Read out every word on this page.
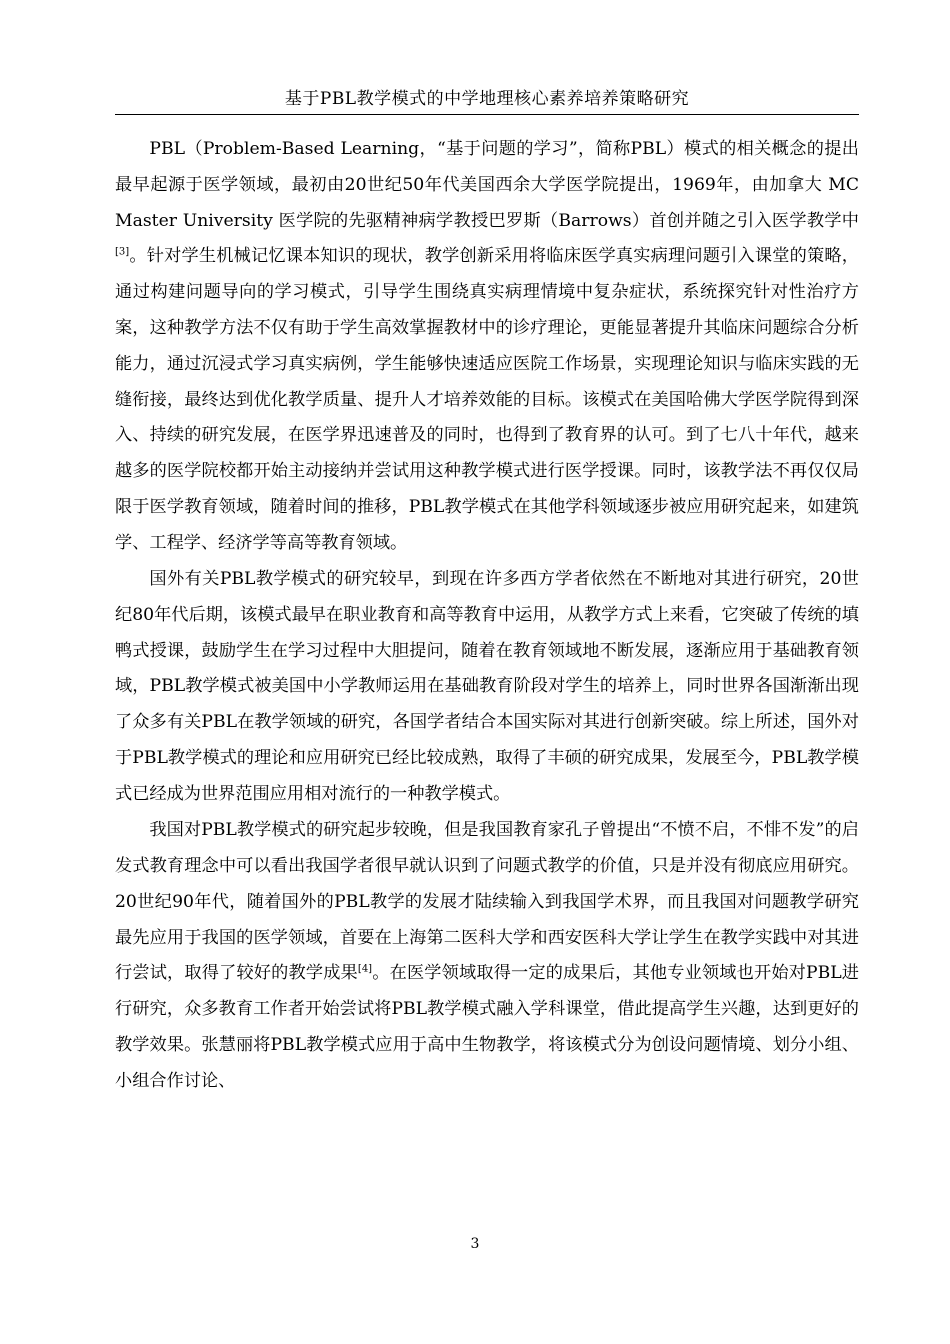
基于PBL教学模式的中学地理核心素养培养策略研究

PBL（Problem-Based Learning，“基于问题的学习”，简称PBL）模式的相关概念的提出最早起源于医学领域，最初由20世纪50年代美国西余大学医学院提出，1969年，由加拿大 MC Master University 医学院的先驱精神病学教授巴罗斯（Barrows）首创并随之引入医学教学中[3]。针对学生机械记忆课本知识的现状，教学创新采用将临床医学真实病理问题引入课堂的策略，通过构建问题导向的学习模式，引导学生围绕真实病理情境中复杂症状，系统探究针对性治疗方案，这种教学方法不仅有助于学生高效掌握教材中的诊疗理论，更能显著提升其临床问题综合分析能力，通过沉浸式学习真实病例，学生能够快速适应医院工作场景，实现理论知识与临床实践的无缝衔接，最终达到优化教学质量、提升人才培养效能的目标。该模式在美国哈佛大学医学院得到深入、持续的研究发展，在医学界迅速普及的同时，也得到了教育界的认可。到了七八十年代，越来越多的医学院校都开始主动接纳并尝试用这种教学模式进行医学授课。同时，该教学法不再仅仅局限于医学教育领域，随着时间的推移，PBL教学模式在其他学科领域逐步被应用研究起来，如建筑学、工程学、经济学等高等教育领域。

国外有关PBL教学模式的研究较早，到现在许多西方学者依然在不断地对其进行研究，20世纪80年代后期，该模式最早在职业教育和高等教育中运用，从教学方式上来看，它突破了传统的填鸭式授课，鼓励学生在学习过程中大胆提问，随着在教育领域地不断发展，逐渐应用于基础教育领域，PBL教学模式被美国中小学教师运用在基础教育阶段对学生的培养上，同时世界各国渐渐出现了众多有关PBL在教学领域的研究，各国学者结合本国实际对其进行创新突破。综上所述，国外对于PBL教学模式的理论和应用研究已经比较成熟，取得了丰硕的研究成果，发展至今，PBL教学模式已经成为世界范围应用相对流行的一种教学模式。

我国对PBL教学模式的研究起步较晚，但是我国教育家孔子曾提出“不愤不启，不悱不发”的启发式教育理念中可以看出我国学者很早就认识到了问题式教学的价值，只是并没有彻底应用研究。20世纪90年代，随着国外的PBL教学的发展才陆续输入到我国学术界，而且我国对问题教学研究最先应用于我国的医学领域，首要在上海第二医科大学和西安医科大学让学生在教学实践中对其进行尝试，取得了较好的教学成果[4]。在医学领域取得一定的成果后，其他专业领域也开始对PBL进行研究，众多教育工作者开始尝试将PBL教学模式融入学科课堂，借此提高学生兴趣，达到更好的教学效果。张慧丽将PBL教学模式应用于高中生物教学，将该模式分为创设问题情境、划分小组、小组合作讨论、

3
